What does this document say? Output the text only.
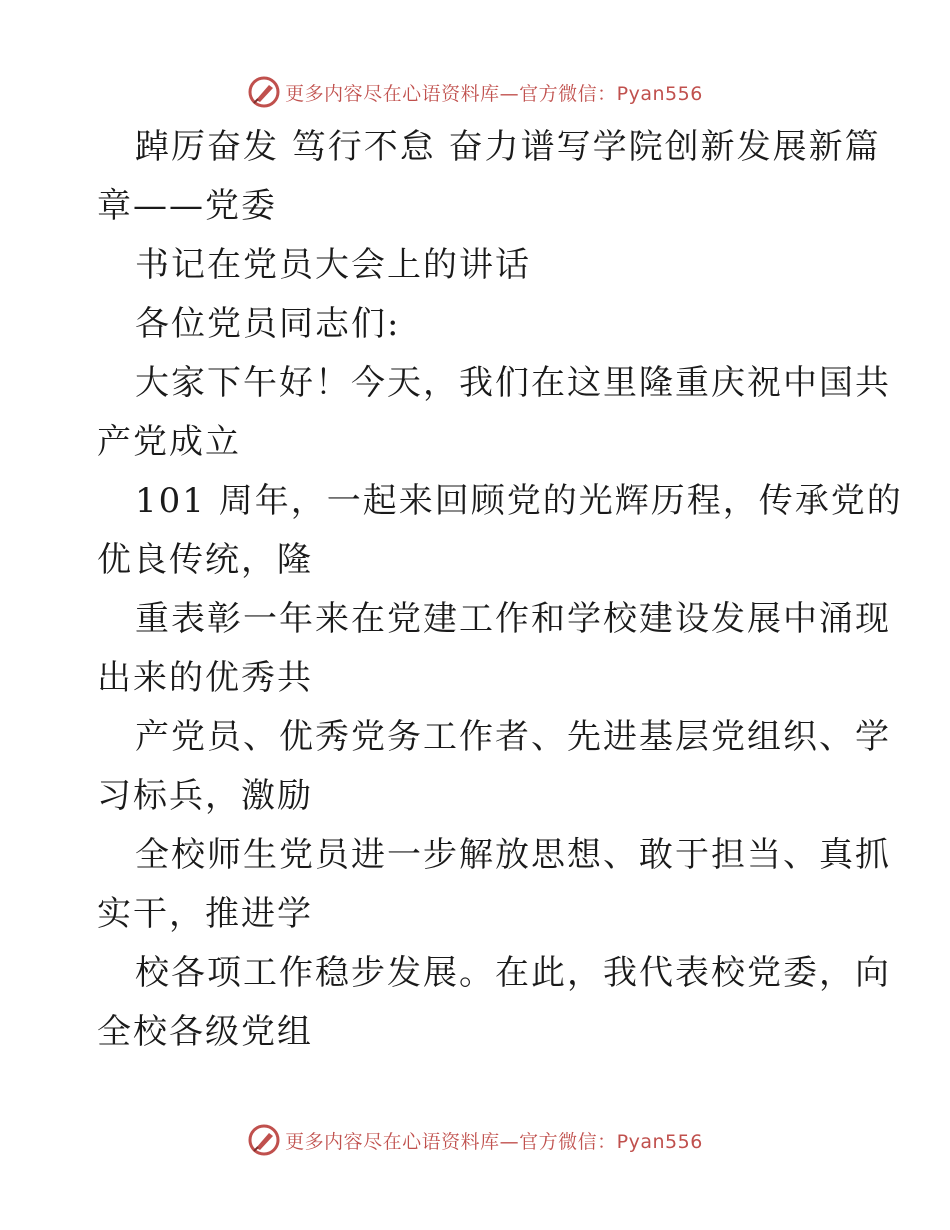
更多内容尽在心语资料库—官方微信：Pyan556
踔厉奋发 笃行不怠 奋力谱写学院创新发展新篇
章——党委
书记在党员大会上的讲话
各位党员同志们:
大家下午好！今天，我们在这里隆重庆祝中国共
产党成立
101 周年，一起来回顾党的光辉历程，传承党的
优良传统，隆
重表彰一年来在党建工作和学校建设发展中涌现
出来的优秀共
产党员、优秀党务工作者、先进基层党组织、学
习标兵，激励
全校师生党员进一步解放思想、敢于担当、真抓
实干，推进学
校各项工作稳步发展。在此，我代表校党委，向
全校各级党组
更多内容尽在心语资料库—官方微信：Pyan556
